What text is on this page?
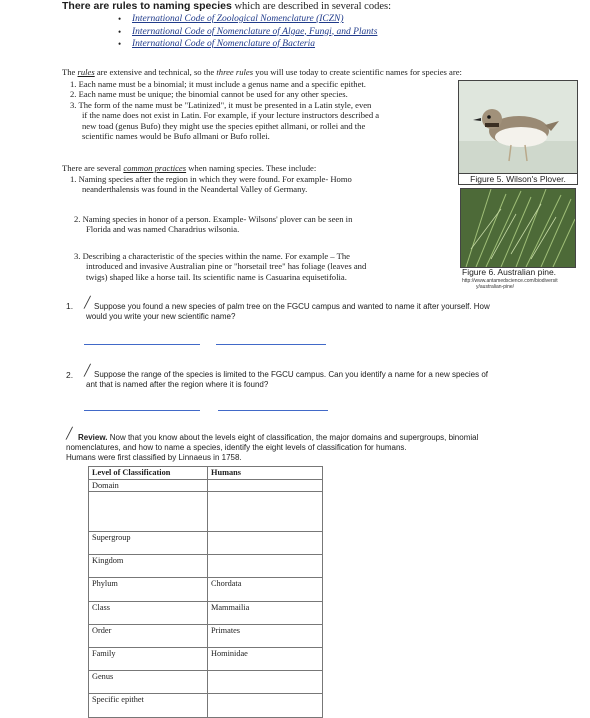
There are rules to naming species which are described in several codes:
•	International Code of Zoological Nomenclature (ICZN)
•	International Code of Nomenclature of Algae, Fungi, and Plants
•	International Code of Nomenclature of Bacteria
The rules are extensive and technical, so the three rules you will use today to create scientific names for species are:
1. Each name must be a binomial; it must include a genus name and a specific epithet.
2. Each name must be unique; the binomial cannot be used for any other species.
3. The form of the name must be "Latinized", it must be presented in a Latin style, even
if the name does not exist in Latin. For example, if your lecture instructors described a
new toad (genus Bufo) they might use the species epithet allmani, or rollei and the
scientific names would be Bufo allmani or Bufo rollei.
Figure 5. Wilson's Plover.
There are several common practices when naming species. These include:
1. Naming species after the region in which they were found. For example- Homo
neanderthalensis was found in the Neandertal Valley of Germany.
2. Naming species in honor of a person. Example- Wilsons' plover can be seen in
Florida and was named Charadrius wilsonia.
3. Describing a characteristic of the species within the name. For example – The
introduced and invasive Australian pine or "horsetail tree" has foliage (leaves and
twigs) shaped like a horse tail. Its scientific name is Casuarina equisetifolia.	Figure 6. Australian pine.
http://www.antamedscience.com/biodiversit
y/australian-pine/
1. ╱ Suppose you found a new species of palm tree on the FGCU campus and wanted to name it after yourself. How
would you write your new scientific name?
2. ╱ Suppose the range of the species is limited to the FGCU campus. Can you identify a name for a new species of
ant that is named after the region where it is found?
╱ Review. Now that you know about the levels eight of classification, the major domains and supergroups, binomial
nomenclatures, and how to name a species, identify the eight levels of classification for humans.
Humans were first classified by Linnaeus in 1758.
Level of Classification	Humans
Domain	

Supergroup	
Kingdom	
Phylum	Chordata
Class	Mammailia
Order	Primates
Family	Hominidae
Genus	
Specific epithet	
